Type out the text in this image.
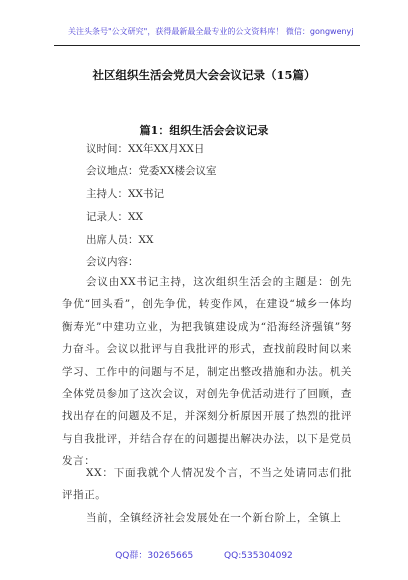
关注头条号"公文研究"，获得最新最全最专业的公文资料库！ 微信：gongwenyj
社区组织生活会党员大会会议记录（15篇）
篇1：组织生活会会议记录
议时间：XX年XX月XX日
会议地点：党委XX楼会议室
主持人：XX书记
记录人：XX
出席人员：XX
会议内容：
会议由XX书记主持，这次组织生活会的主题是：创先争优“回头看”，创先争优，转变作风，在建设“城乡一体均衡寿光”中建功立业，为把我镇建设成为“沿海经济强镇”努力奋斗。会议以批评与自我批评的形式，查找前段时间以来学习、工作中的问题与不足，制定出整改措施和办法。机关全体党员参加了这次会议，对创先争优活动进行了回顾，查找出存在的问题及不足，并深刻分析原因开展了热烈的批评与自我批评，并结合存在的问题提出解决办法，以下是党员发言：
XX：下面我就个人情况发个言，不当之处请同志们批评指正。
当前，全镇经济社会发展处在一个新台阶上，全镇上
QQ群：30265665	QQ:535304092
